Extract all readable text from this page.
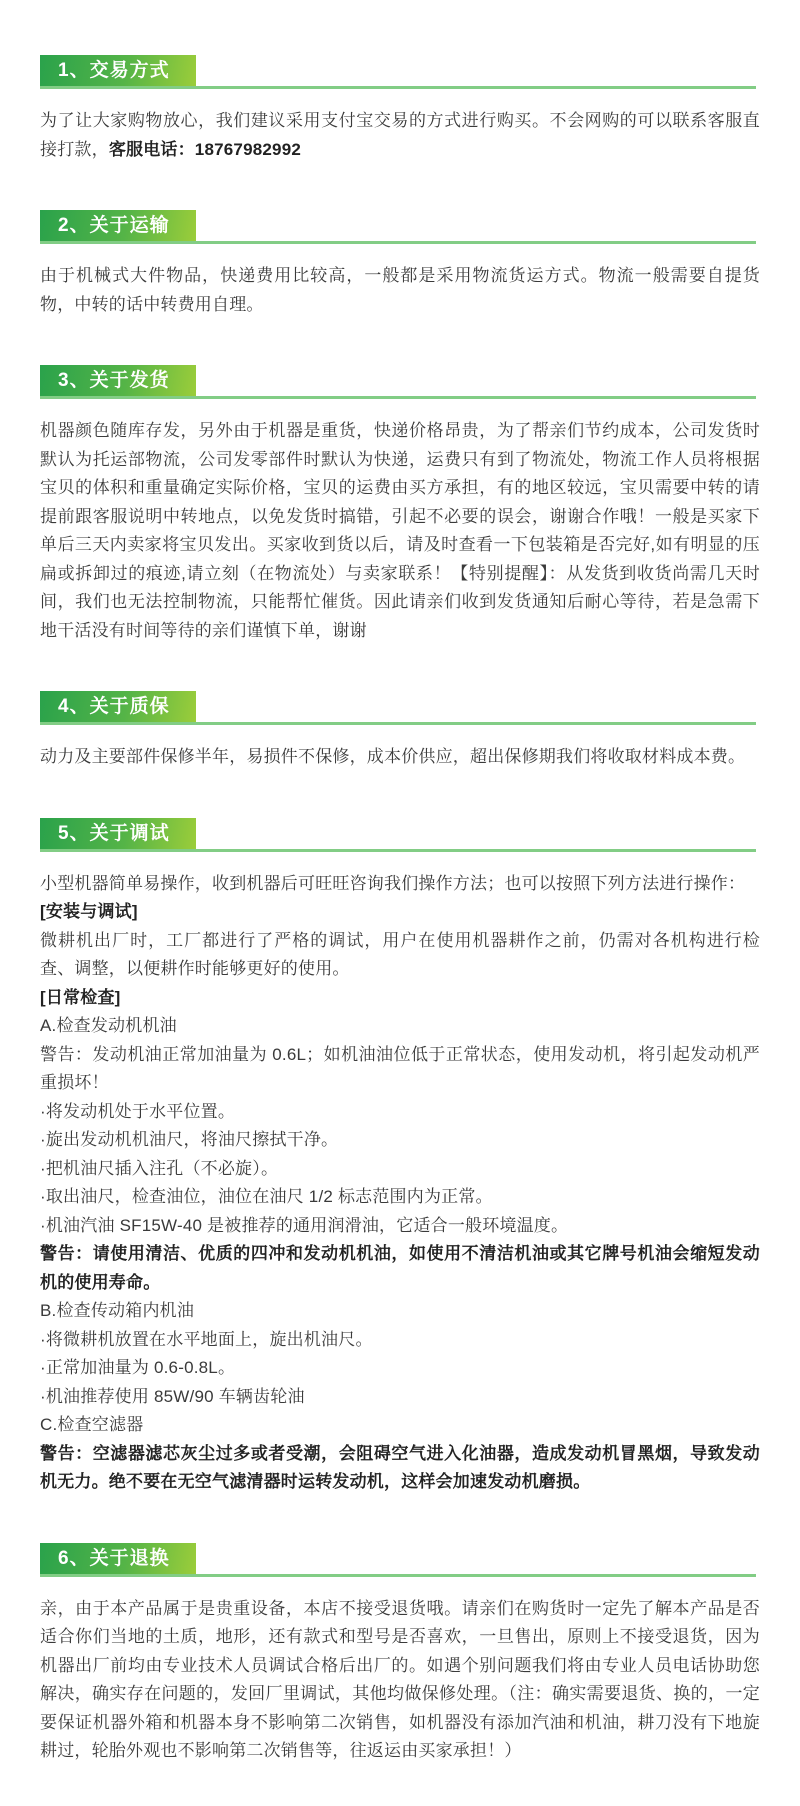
1、交易方式

为了让大家购物放心，我们建议采用支付宝交易的方式进行购买。不会网购的可以联系客服直接打款，客服电话：18767982992

2、关于运输

由于机械式大件物品，快递费用比较高，一般都是采用物流货运方式。物流一般需要自提货物，中转的话中转费用自理。

3、关于发货

机器颜色随库存发，另外由于机器是重货，快递价格昂贵，为了帮亲们节约成本，公司发货时默认为托运部物流，公司发零部件时默认为快递，运费只有到了物流处，物流工作人员将根据宝贝的体积和重量确定实际价格，宝贝的运费由买方承担，有的地区较远，宝贝需要中转的请提前跟客服说明中转地点，以免发货时搞错，引起不必要的误会，谢谢合作哦！一般是买家下单后三天内卖家将宝贝发出。买家收到货以后，请及时查看一下包装箱是否完好,如有明显的压扁或拆卸过的痕迹,请立刻（在物流处）与卖家联系！【特别提醒】：从发货到收货尚需几天时间，我们也无法控制物流，只能帮忙催货。因此请亲们收到发货通知后耐心等待，若是急需下地干活没有时间等待的亲们谨慎下单，谢谢

4、关于质保

动力及主要部件保修半年，易损件不保修，成本价供应，超出保修期我们将收取材料成本费。

5、关于调试

小型机器简单易操作，收到机器后可旺旺咨询我们操作方法；也可以按照下列方法进行操作：

[安装与调试]

微耕机出厂时，工厂都进行了严格的调试，用户在使用机器耕作之前，仍需对各机构进行检查、调整，以便耕作时能够更好的使用。

[日常检查]

A.检查发动机机油

警告：发动机油正常加油量为 0.6L；如机油油位低于正常状态，使用发动机，将引起发动机严重损坏！

·将发动机处于水平位置。

·旋出发动机机油尺，将油尺擦拭干净。

·把机油尺插入注孔（不必旋）。

·取出油尺，检查油位，油位在油尺 1/2 标志范围内为正常。

·机油汽油 SF15W-40 是被推荐的通用润滑油，它适合一般环境温度。

警告：请使用清洁、优质的四冲和发动机机油，如使用不清洁机油或其它牌号机油会缩短发动机的使用寿命。

B.检查传动箱内机油

·将微耕机放置在水平地面上，旋出机油尺。

·正常加油量为 0.6-0.8L。

·机油推荐使用 85W/90 车辆齿轮油

C.检查空滤器

警告：空滤器滤芯灰尘过多或者受潮，会阻碍空气进入化油器，造成发动机冒黑烟，导致发动机无力。绝不要在无空气滤清器时运转发动机，这样会加速发动机磨损。

6、关于退换

亲，由于本产品属于是贵重设备，本店不接受退货哦。请亲们在购货时一定先了解本产品是否适合你们当地的土质，地形，还有款式和型号是否喜欢，一旦售出，原则上不接受退货，因为机器出厂前均由专业技术人员调试合格后出厂的。如遇个别问题我们将由专业人员电话协助您解决，确实存在问题的，发回厂里调试，其他均做保修处理。（注：确实需要退货、换的，一定要保证机器外箱和机器本身不影响第二次销售，如机器没有添加汽油和机油，耕刀没有下地旋耕过，轮胎外观也不影响第二次销售等，往返运由买家承担！）
